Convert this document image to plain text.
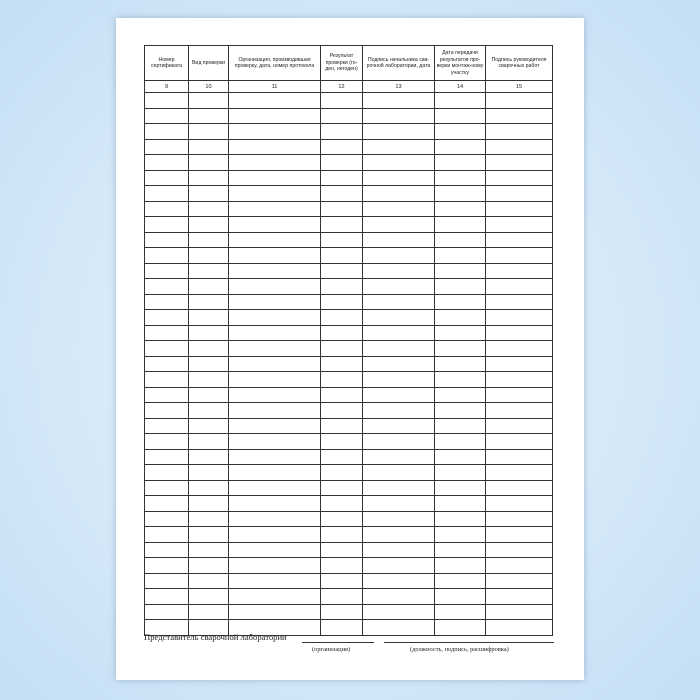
Номер сертификата	Вид проверки	Организация, производившая проверку, дата, номер протокола	Результат проверки (го-ден, негоден)	Подпись начальника сва-рочной лаборатории, дата	Дата передачи результатов про-верки монтаж-ному участку	Подпись руководителя сварочных работ
9	10	11	12	13	14	15

Представитель сварочной лаборатории
(организация)	(должность, подпись, расшифровка)
